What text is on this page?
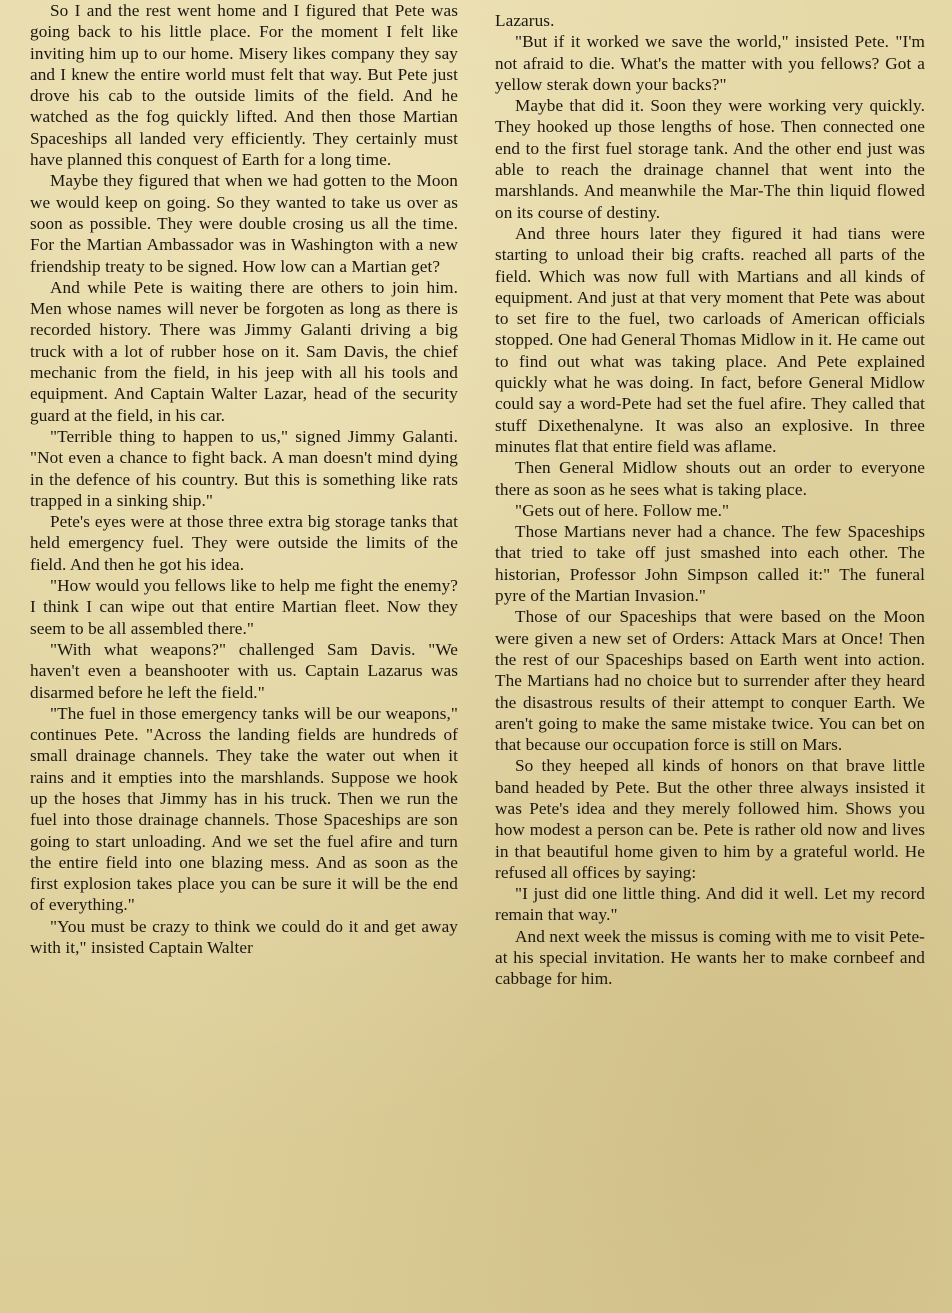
So I and the rest went home and I figured that Pete was going back to his little place. For the moment I felt like inviting him up to our home. Misery likes company they say and I knew the entire world must felt that way. But Pete just drove his cab to the outside limits of the field. And he watched as the fog quickly lifted. And then those Martian Spaceships all landed very efficiently. They certainly must have planned this conquest of Earth for a long time.

Maybe they figured that when we had gotten to the Moon we would keep on going. So they wanted to take us over as soon as possible. They were double crosing us all the time. For the Martian Ambassador was in Washington with a new friendship treaty to be signed. How low can a Martian get?

And while Pete is waiting there are others to join him. Men whose names will never be forgoten as long as there is recorded history. There was Jimmy Galanti driving a big truck with a lot of rubber hose on it. Sam Davis, the chief mechanic from the field, in his jeep with all his tools and equipment. And Captain Walter Lazar, head of the security guard at the field, in his car.

"Terrible thing to happen to us," signed Jimmy Galanti. "Not even a chance to fight back. A man doesn't mind dying in the defence of his country. But this is something like rats trapped in a sinking ship."

Pete's eyes were at those three extra big storage tanks that held emergency fuel. They were outside the limits of the field. And then he got his idea.

"How would you fellows like to help me fight the enemy? I think I can wipe out that entire Martian fleet. Now they seem to be all assembled there."

"With what weapons?" challenged Sam Davis. "We haven't even a beanshooter with us. Captain Lazarus was disarmed before he left the field."

"The fuel in those emergency tanks will be our weapons," continues Pete. "Across the landing fields are hundreds of small drainage channels. They take the water out when it rains and it empties into the marshlands. Suppose we hook up the hoses that Jimmy has in his truck. Then we run the fuel into those drainage channels. Those Spaceships are son going to start unloading. And we set the fuel afire and turn the entire field into one blazing mess. And as soon as the first explosion takes place you can be sure it will be the end of everything."

"You must be crazy to think we could do it and get away with it," insisted Captain Walter

Lazarus.

"But if it worked we save the world," insisted Pete. "I'm not afraid to die. What's the matter with you fellows? Got a yellow sterak down your backs?"

Maybe that did it. Soon they were working very quickly. They hooked up those lengths of hose. Then connected one end to the first fuel storage tank. And the other end just was able to reach the drainage channel that went into the marshlands. And meanwhile the Mar-The thin liquid flowed on its course of destiny.

And three hours later they figured it had tians were starting to unload their big crafts. reached all parts of the field. Which was now full with Martians and all kinds of equipment. And just at that very moment that Pete was about to set fire to the fuel, two carloads of American officials stopped. One had General Thomas Midlow in it. He came out to find out what was taking place. And Pete explained quickly what he was doing. In fact, before General Midlow could say a word-Pete had set the fuel afire. They called that stuff Dixethenalyne. It was also an explosive. In three minutes flat that entire field was aflame.

Then General Midlow shouts out an order to everyone there as soon as he sees what is taking place.

"Gets out of here. Follow me."

Those Martians never had a chance. The few Spaceships that tried to take off just smashed into each other. The historian, Professor John Simpson called it:" The funeral pyre of the Martian Invasion."

Those of our Spaceships that were based on the Moon were given a new set of Orders: Attack Mars at Once! Then the rest of our Spaceships based on Earth went into action. The Martians had no choice but to surrender after they heard the disastrous results of their attempt to conquer Earth. We aren't going to make the same mistake twice. You can bet on that because our occupation force is still on Mars.

So they heeped all kinds of honors on that brave little band headed by Pete. But the other three always insisted it was Pete's idea and they merely followed him. Shows you how modest a person can be. Pete is rather old now and lives in that beautiful home given to him by a grateful world. He refused all offices by saying:

"I just did one little thing. And did it well. Let my record remain that way."

And next week the missus is coming with me to visit Pete-at his special invitation. He wants her to make cornbeef and cabbage for him.
